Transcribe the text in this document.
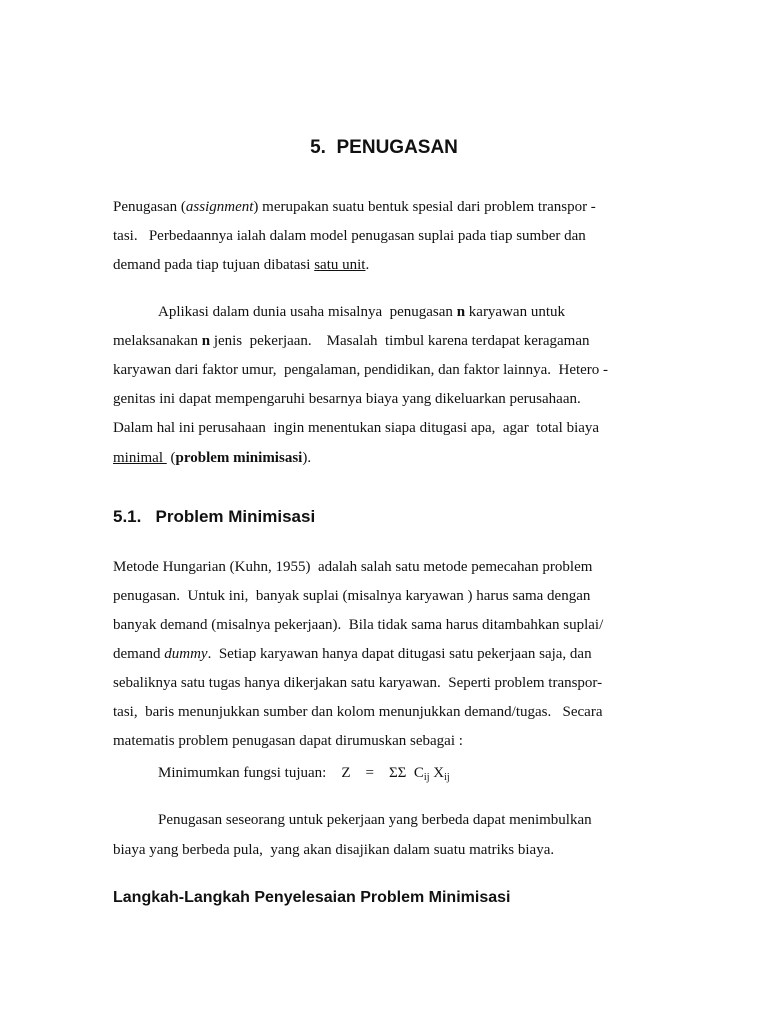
5.  PENUGASAN
Penugasan (assignment) merupakan suatu bentuk spesial dari problem transpor -
tasi.   Perbedaannya ialah dalam model penugasan suplai pada tiap sumber dan
demand pada tiap tujuan dibatasi satu unit.
Aplikasi dalam dunia usaha misalnya  penugasan n karyawan untuk
melaksanakan n jenis  pekerjaan.    Masalah  timbul karena terdapat keragaman
karyawan dari faktor umur,  pengalaman, pendidikan, dan faktor lainnya.  Hetero -
genitas ini dapat mempengaruhi besarnya biaya yang dikeluarkan perusahaan.
Dalam hal ini perusahaan  ingin menentukan siapa ditugasi apa,  agar  total biaya
minimal  (problem minimisasi).
5.1.   Problem Minimisasi
Metode Hungarian (Kuhn, 1955)  adalah salah satu metode pemecahan problem
penugasan.  Untuk ini,  banyak suplai (misalnya karyawan ) harus sama dengan
banyak demand (misalnya pekerjaan).  Bila tidak sama harus ditambahkan suplai/
demand dummy.  Setiap karyawan hanya dapat ditugasi satu pekerjaan saja, dan
sebaliknya satu tugas hanya dikerjakan satu karyawan.  Seperti problem transpor-
tasi,  baris menunjukkan sumber dan kolom menunjukkan demand/tugas.   Secara
matematis problem penugasan dapat dirumuskan sebagai :
Minimumkan fungsi tujuan:    Z    =    ΣΣ  $C_{ij}$ $X_{ij}$
Penugasan seseorang untuk pekerjaan yang berbeda dapat menimbulkan
biaya yang berbeda pula,  yang akan disajikan dalam suatu matriks biaya.
Langkah-Langkah Penyelesaian Problem Minimisasi
